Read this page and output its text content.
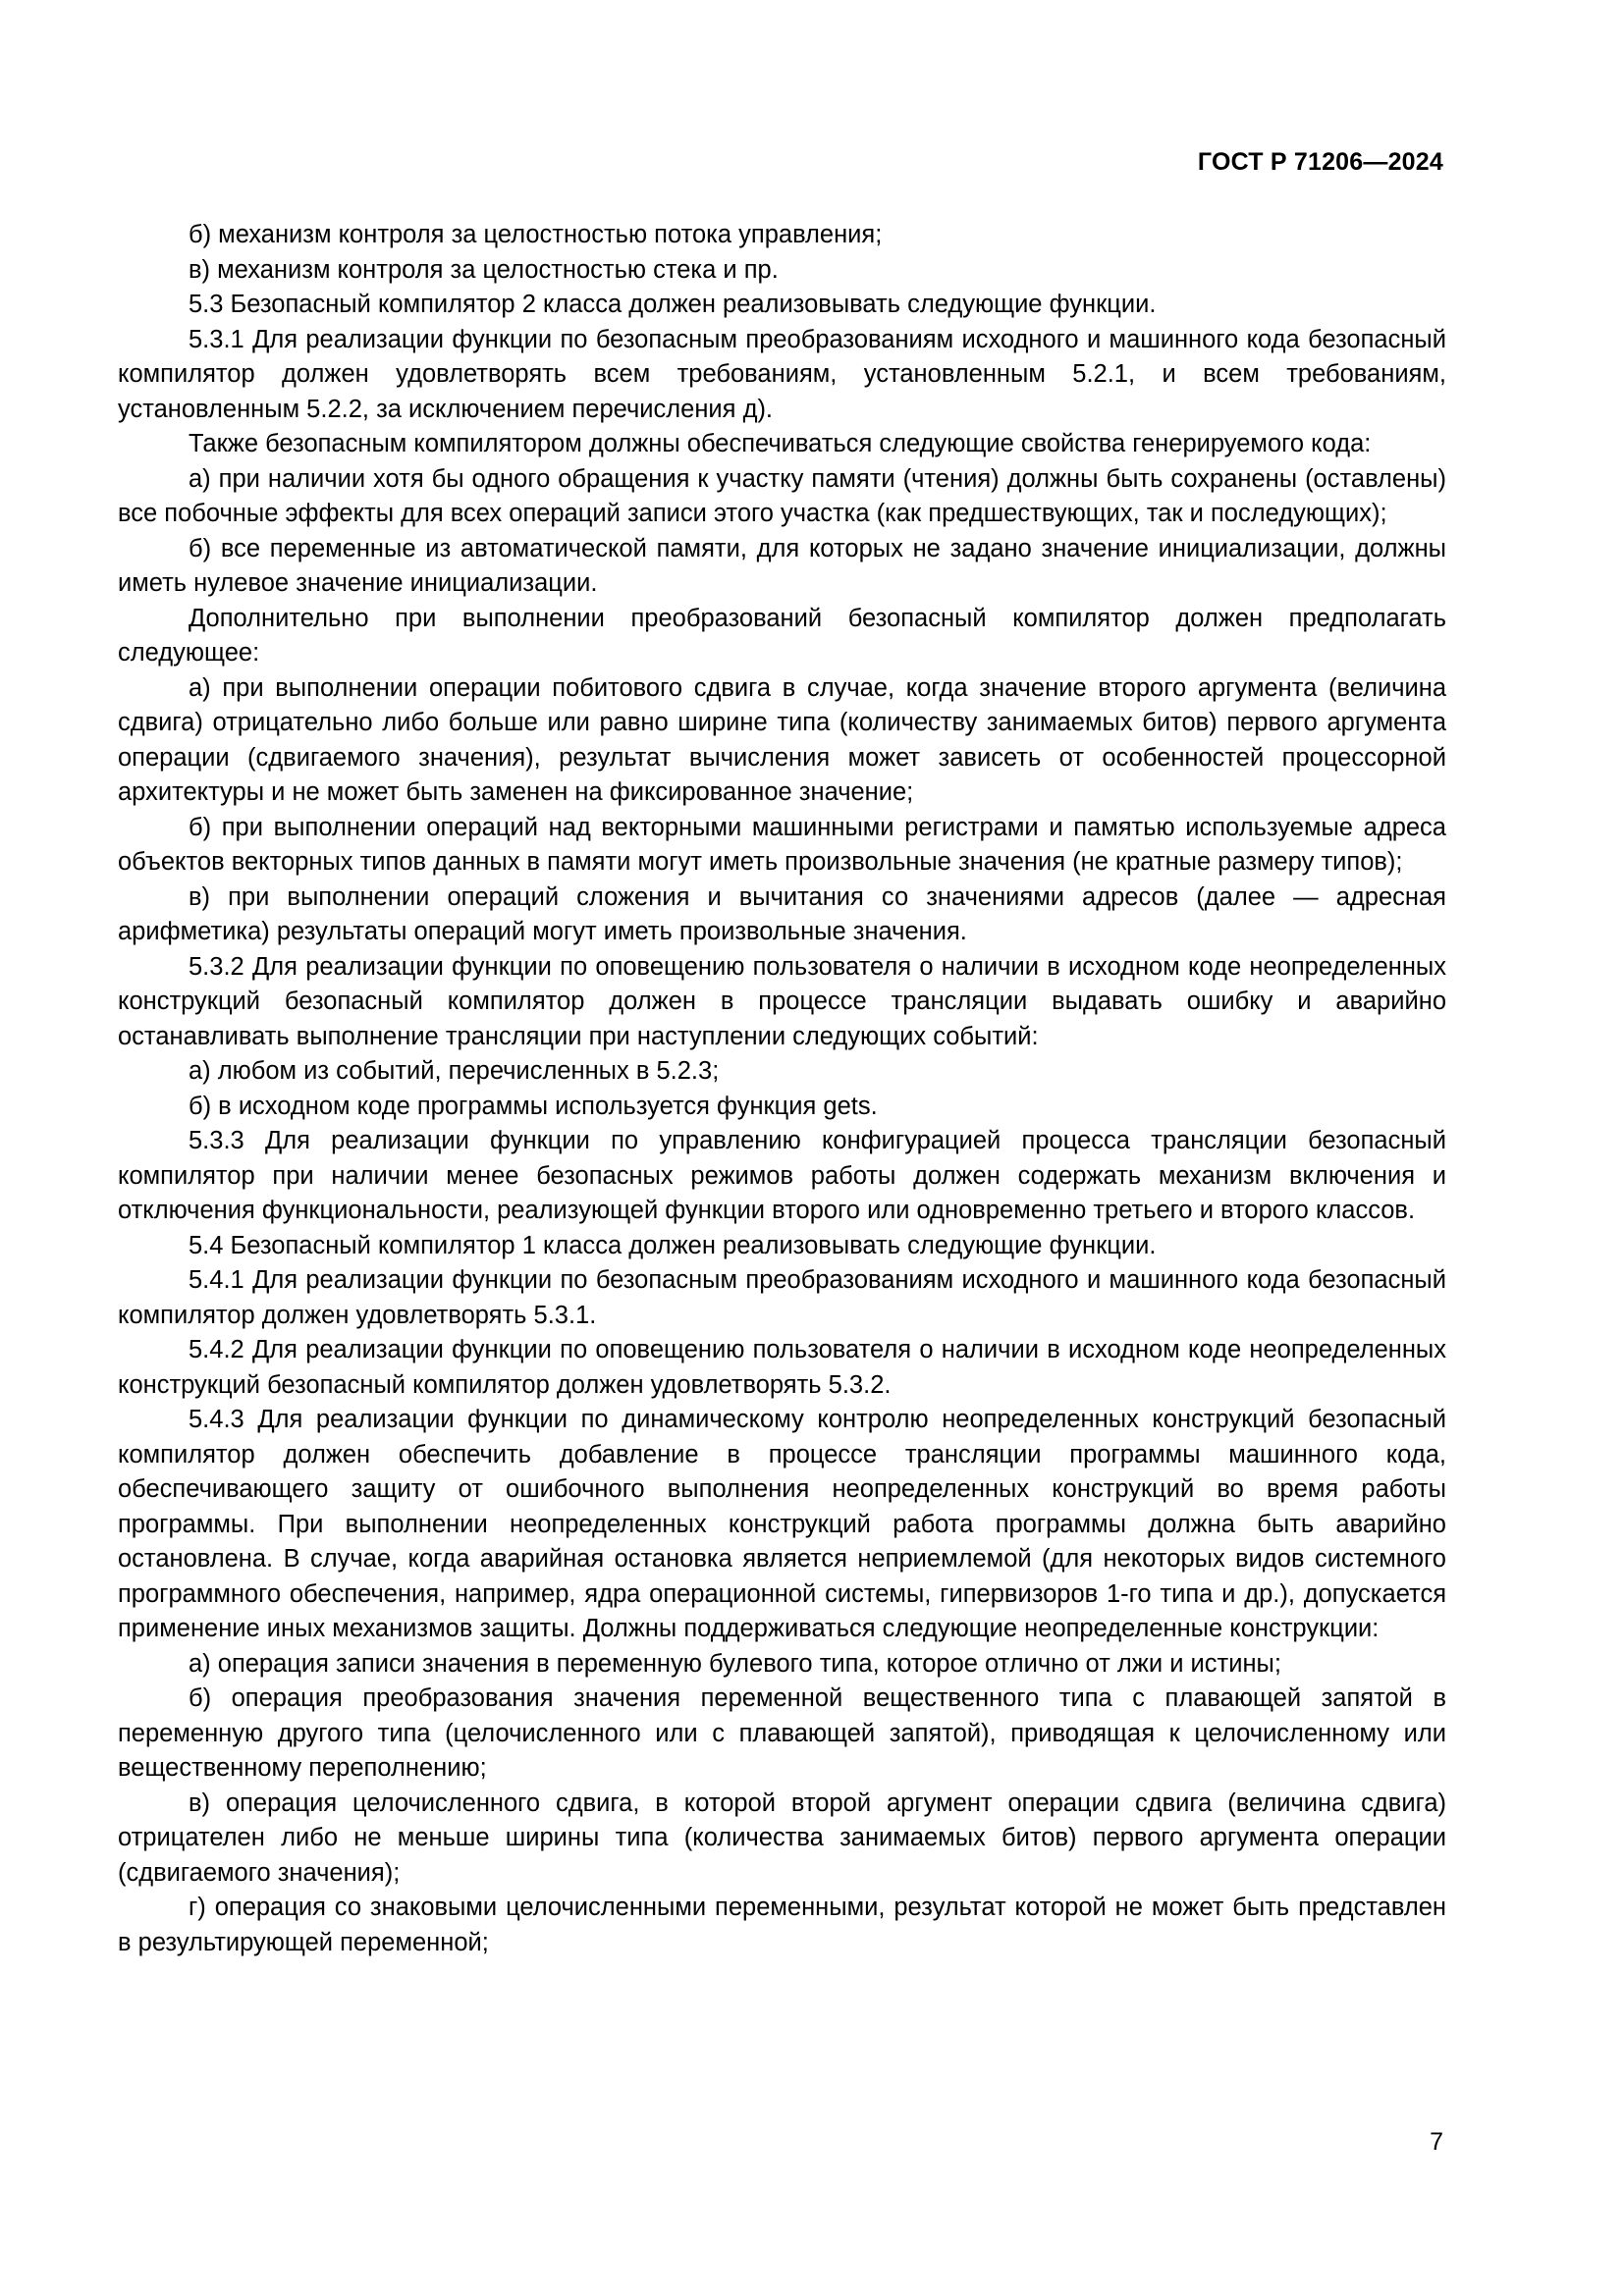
ГОСТ Р 71206—2024

б) механизм контроля за целостностью потока управления;

в) механизм контроля за целостностью стека и пр.

5.3 Безопасный компилятор 2 класса должен реализовывать следующие функции.

5.3.1 Для реализации функции по безопасным преобразованиям исходного и машинного кода безопасный компилятор должен удовлетворять всем требованиям, установленным 5.2.1, и всем требованиям, установленным 5.2.2, за исключением перечисления д).

Также безопасным компилятором должны обеспечиваться следующие свойства генерируемого кода:

а) при наличии хотя бы одного обращения к участку памяти (чтения) должны быть сохранены (оставлены) все побочные эффекты для всех операций записи этого участка (как предшествующих, так и последующих);

б) все переменные из автоматической памяти, для которых не задано значение инициализации, должны иметь нулевое значение инициализации.

Дополнительно при выполнении преобразований безопасный компилятор должен предполагать следующее:

а) при выполнении операции побитового сдвига в случае, когда значение второго аргумента (величина сдвига) отрицательно либо больше или равно ширине типа (количеству занимаемых битов) первого аргумента операции (сдвигаемого значения), результат вычисления может зависеть от особенностей процессорной архитектуры и не может быть заменен на фиксированное значение;

б) при выполнении операций над векторными машинными регистрами и памятью используемые адреса объектов векторных типов данных в памяти могут иметь произвольные значения (не кратные размеру типов);

в) при выполнении операций сложения и вычитания со значениями адресов (далее — адресная арифметика) результаты операций могут иметь произвольные значения.

5.3.2 Для реализации функции по оповещению пользователя о наличии в исходном коде неопределенных конструкций безопасный компилятор должен в процессе трансляции выдавать ошибку и аварийно останавливать выполнение трансляции при наступлении следующих событий:

а) любом из событий, перечисленных в 5.2.3;

б) в исходном коде программы используется функция gets.

5.3.3 Для реализации функции по управлению конфигурацией процесса трансляции безопасный компилятор при наличии менее безопасных режимов работы должен содержать механизм включения и отключения функциональности, реализующей функции второго или одновременно третьего и второго классов.

5.4 Безопасный компилятор 1 класса должен реализовывать следующие функции.

5.4.1 Для реализации функции по безопасным преобразованиям исходного и машинного кода безопасный компилятор должен удовлетворять 5.3.1.

5.4.2 Для реализации функции по оповещению пользователя о наличии в исходном коде неопределенных конструкций безопасный компилятор должен удовлетворять 5.3.2.

5.4.3 Для реализации функции по динамическому контролю неопределенных конструкций безопасный компилятор должен обеспечить добавление в процессе трансляции программы машинного кода, обеспечивающего защиту от ошибочного выполнения неопределенных конструкций во время работы программы. При выполнении неопределенных конструкций работа программы должна быть аварийно остановлена. В случае, когда аварийная остановка является неприемлемой (для некоторых видов системного программного обеспечения, например, ядра операционной системы, гипервизоров 1-го типа и др.), допускается применение иных механизмов защиты. Должны поддерживаться следующие неопределенные конструкции:

а) операция записи значения в переменную булевого типа, которое отлично от лжи и истины;

б) операция преобразования значения переменной вещественного типа с плавающей запятой в переменную другого типа (целочисленного или с плавающей запятой), приводящая к целочисленному или вещественному переполнению;

в) операция целочисленного сдвига, в которой второй аргумент операции сдвига (величина сдвига) отрицателен либо не меньше ширины типа (количества занимаемых битов) первого аргумента операции (сдвигаемого значения);

г) операция со знаковыми целочисленными переменными, результат которой не может быть представлен в результирующей переменной;

7
